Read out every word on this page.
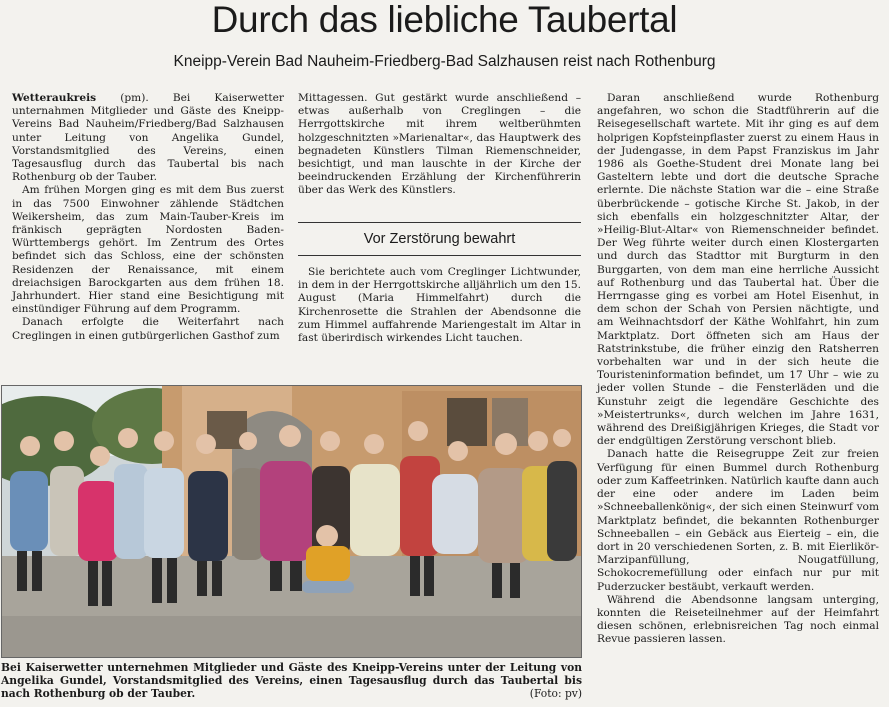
Durch das liebliche Taubertal
Kneipp-Verein Bad Nauheim-Friedberg-Bad Salzhausen reist nach Rothenburg

Wetteraukreis (pm). Bei Kaiserwetter unternahmen Mitglieder und Gäste des Kneipp-Vereins Bad Nauheim/Friedberg/Bad Salzhausen unter Leitung von Angelika Gundel, Vorstandsmitglied des Vereins, einen Tagesausflug durch das Taubertal bis nach Rothenburg ob der Tauber.

Am frühen Morgen ging es mit dem Bus zuerst in das 7500 Einwohner zählende Städtchen Weikersheim, das zum Main-Tauber-Kreis im fränkisch geprägten Nordosten Baden-Württembergs gehört. Im Zentrum des Ortes befindet sich das Schloss, eine der schönsten Residenzen der Renaissance, mit einem dreiachsigen Barockgarten aus dem frühen 18. Jahrhundert. Hier stand eine Besichtigung mit einstündiger Führung auf dem Programm.

Danach erfolgte die Weiterfahrt nach Creglingen in einen gutbürgerlichen Gasthof zum

Mittagessen. Gut gestärkt wurde anschließend – etwas außerhalb von Creglingen – die Herrgottskirche mit ihrem weltberühmten holzgeschnitzten »Marienaltar«, das Hauptwerk des begnadeten Künstlers Tilman Riemenschneider, besichtigt, und man lauschte in der Kirche der beeindruckenden Erzählung der Kirchenführerin über das Werk des Künstlers.

Vor Zerstörung bewahrt

Sie berichtete auch vom Creglinger Lichtwunder, in dem in der Herrgottskirche alljährlich um den 15. August (Maria Himmelfahrt) durch die Kirchenrosette die Strahlen der Abendsonne die zum Himmel auffahrende Mariengestalt im Altar in fast überirdisch wirkendes Licht tauchen.

Daran anschließend wurde Rothenburg angefahren, wo schon die Stadtführerin auf die Reisegesellschaft wartete. Mit ihr ging es auf dem holprigen Kopfsteinpflaster zuerst zu einem Haus in der Judengasse, in dem Papst Franziskus im Jahr 1986 als Goethe-Student drei Monate lang bei Gasteltern lebte und dort die deutsche Sprache erlernte. Die nächste Station war die – eine Straße überbrückende – gotische Kirche St. Jakob, in der sich ebenfalls ein holzgeschnitzter Altar, der »Heilig-Blut-Altar« von Riemenschneider befindet. Der Weg führte weiter durch einen Klostergarten und durch das Stadttor mit Burgturm in den Burggarten, von dem man eine herrliche Aussicht auf Rothenburg und das Taubertal hat. Über die Herrngasse ging es vorbei am Hotel Eisenhut, in dem schon der Schah von Persien nächtigte, und am Weihnachtsdorf der Käthe Wohlfahrt, hin zum Marktplatz. Dort öffneten sich am Haus der Ratstrinkstube, die früher einzig den Ratsherren vorbehalten war und in der sich heute die Touristeninformation befindet, um 17 Uhr – wie zu jeder vollen Stunde – die Fensterläden und die Kunstuhr zeigt die legendäre Geschichte des »Meistertrunks«, durch welchen im Jahre 1631, während des Dreißigjährigen Krieges, die Stadt vor der endgültigen Zerstörung verschont blieb.

Danach hatte die Reisegruppe Zeit zur freien Verfügung für einen Bummel durch Rothenburg oder zum Kaffeetrinken. Natürlich kaufte dann auch der eine oder andere im Laden beim »Schneeballenkönig«, der sich einen Steinwurf vom Marktplatz befindet, die bekannten Rothenburger Schneeballen – ein Gebäck aus Eierteig – ein, die dort in 20 verschiedenen Sorten, z. B. mit Eierlikör-Marzipanfüllung, Nougatfüllung, Schokocremefüllung oder einfach nur pur mit Puderzucker bestäubt, verkauft werden.

Während die Abendsonne langsam unterging, konnten die Reiseteilnehmer auf der Heimfahrt diesen schönen, erlebnisreichen Tag noch einmal Revue passieren lassen.

Bei Kaiserwetter unternehmen Mitglieder und Gäste des Kneipp-Vereins unter der Leitung von Angelika Gundel, Vorstandsmitglied des Vereins, einen Tagesausflug durch das Taubertal bis nach Rothenburg ob der Tauber.	(Foto: pv)
